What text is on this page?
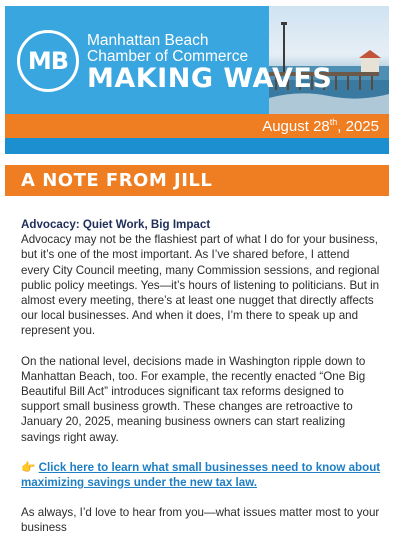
MB
Manhattan Beach
Chamber of Commerce
MAKING WAVES
August 28th, 2025
A NOTE FROM JILL

Advocacy: Quiet Work, Big Impact
Advocacy may not be the flashiest part of what I do for your business, but it’s one of the most important. As I’ve shared before, I attend every City Council meeting, many Commission sessions, and regional public policy meetings. Yes—it’s hours of listening to politicians. But in almost every meeting, there’s at least one nugget that directly affects our local businesses. And when it does, I’m there to speak up and represent you.

On the national level, decisions made in Washington ripple down to Manhattan Beach, too. For example, the recently enacted “One Big Beautiful Bill Act” introduces significant tax reforms designed to support small business growth. These changes are retroactive to January 20, 2025, meaning business owners can start realizing savings right away.

👉 Click here to learn what small businesses need to know about maximizing savings under the new tax law.

As always, I’d love to hear from you—what issues matter most to your business
